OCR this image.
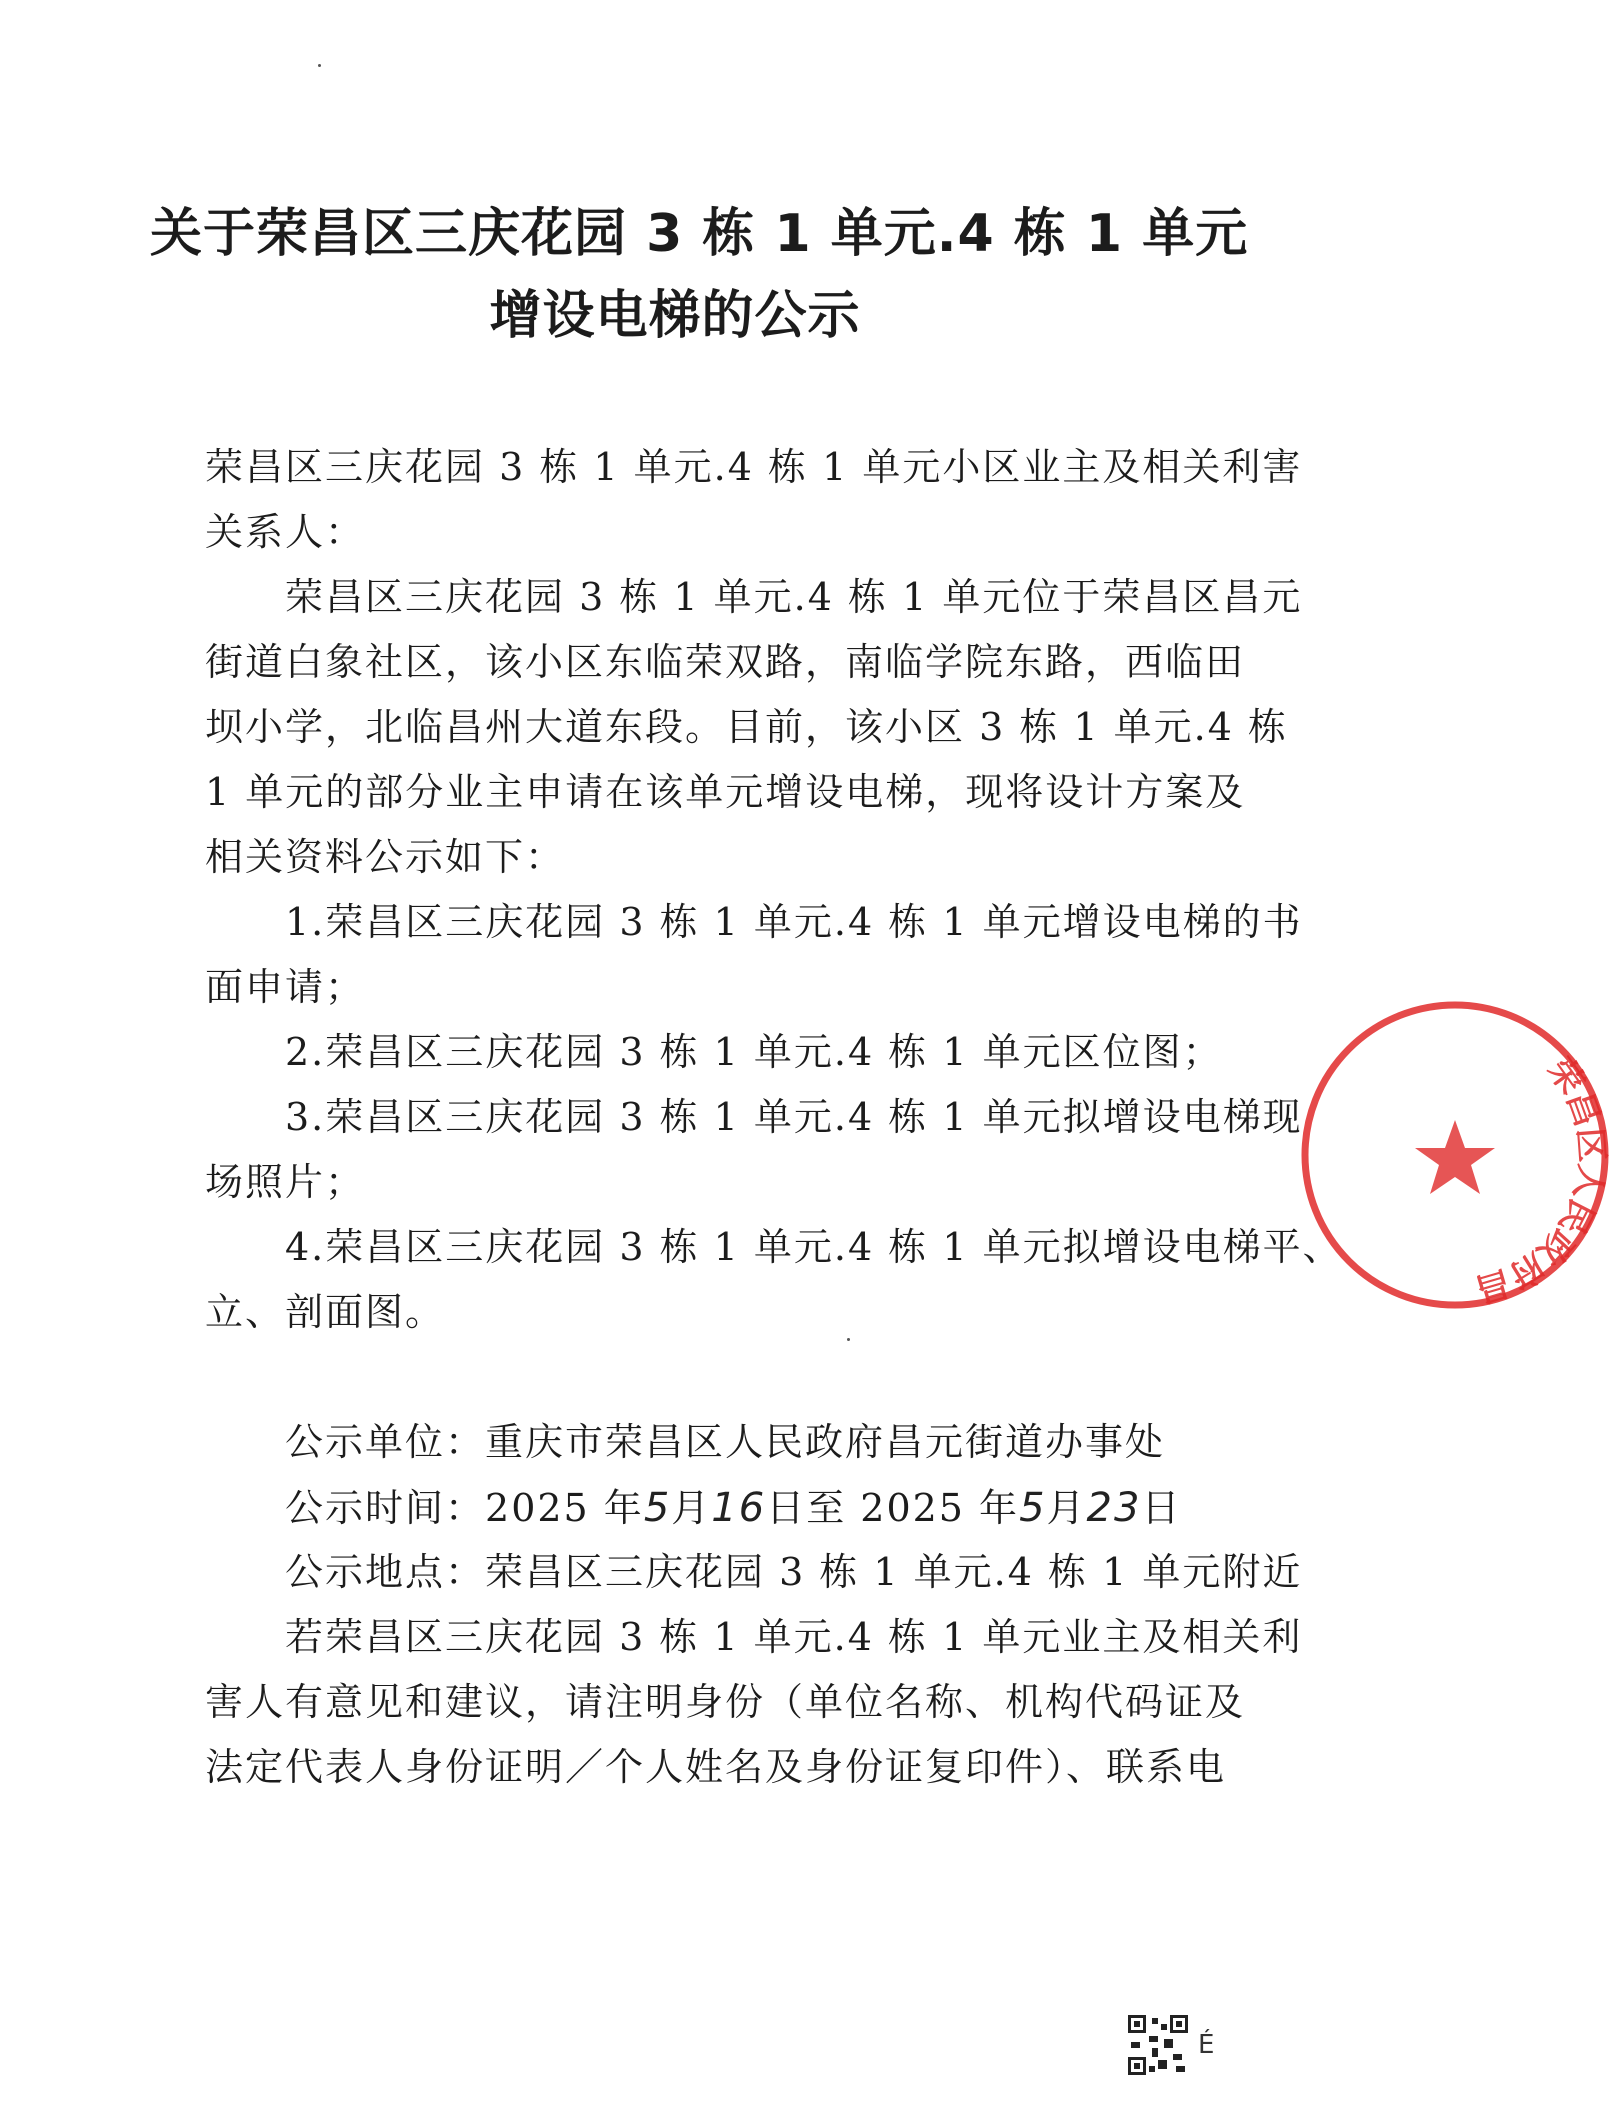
关于荣昌区三庆花园 3 栋 1 单元.4 栋 1 单元
增设电梯的公示
荣昌区三庆花园 3 栋 1 单元.4 栋 1 单元小区业主及相关利害
关系人：
荣昌区三庆花园 3 栋 1 单元.4 栋 1 单元位于荣昌区昌元
街道白象社区，该小区东临荣双路，南临学院东路，西临田
坝小学，北临昌州大道东段。目前，该小区 3 栋 1 单元.4 栋
1 单元的部分业主申请在该单元增设电梯，现将设计方案及
相关资料公示如下：
1.荣昌区三庆花园 3 栋 1 单元.4 栋 1 单元增设电梯的书
面申请；
2.荣昌区三庆花园 3 栋 1 单元.4 栋 1 单元区位图；
3.荣昌区三庆花园 3 栋 1 单元.4 栋 1 单元拟增设电梯现
场照片；
4.荣昌区三庆花园 3 栋 1 单元.4 栋 1 单元拟增设电梯平、
立、剖面图。
公示单位：重庆市荣昌区人民政府昌元街道办事处
公示时间：2025 年5月16日至 2025 年5月23日
公示地点：荣昌区三庆花园 3 栋 1 单元.4 栋 1 单元附近
若荣昌区三庆花园 3 栋 1 单元.4 栋 1 单元业主及相关利
害人有意见和建议，请注明身份（单位名称、机构代码证及
法定代表人身份证明／个人姓名及身份证复印件）、联系电
荣昌区人民政府昌
É
